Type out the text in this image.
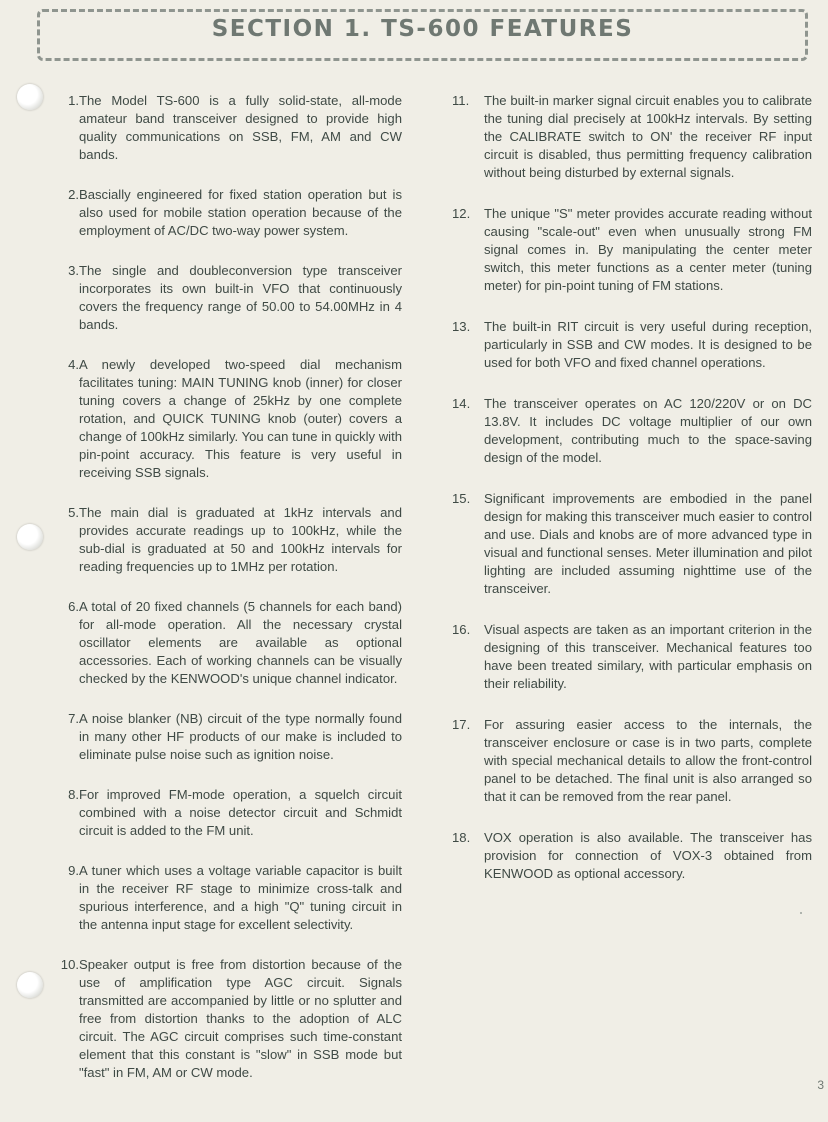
SECTION 1. TS-600 FEATURES
1. The Model TS-600 is a fully solid-state, all-mode amateur band transceiver designed to provide high quality communications on SSB, FM, AM and CW bands.
2. Bascially engineered for fixed station operation but is also used for mobile station operation because of the employment of AC/DC two-way power system.
3. The single and doubleconversion type transceiver incorporates its own built-in VFO that continuously covers the frequency range of 50.00 to 54.00MHz in 4 bands.
4. A newly developed two-speed dial mechanism facilitates tuning: MAIN TUNING knob (inner) for closer tuning covers a change of 25kHz by one complete rotation, and QUICK TUNING knob (outer) covers a change of 100kHz similarly. You can tune in quickly with pin-point accuracy. This feature is very useful in receiving SSB signals.
5. The main dial is graduated at 1kHz intervals and provides accurate readings up to 100kHz, while the sub-dial is graduated at 50 and 100kHz intervals for reading frequencies up to 1MHz per rotation.
6. A total of 20 fixed channels (5 channels for each band) for all-mode operation. All the necessary crystal oscillator elements are available as optional accessories. Each of working channels can be visually checked by the KENWOOD's unique channel indicator.
7. A noise blanker (NB) circuit of the type normally found in many other HF products of our make is included to eliminate pulse noise such as ignition noise.
8. For improved FM-mode operation, a squelch circuit combined with a noise detector circuit and Schmidt circuit is added to the FM unit.
9. A tuner which uses a voltage variable capacitor is built in the receiver RF stage to minimize cross-talk and spurious interference, and a high "Q" tuning circuit in the antenna input stage for excellent selectivity.
10. Speaker output is free from distortion because of the use of amplification type AGC circuit. Signals transmitted are accompanied by little or no splutter and free from distortion thanks to the adoption of ALC circuit. The AGC circuit comprises such time-constant element that this constant is "slow" in SSB mode but "fast" in FM, AM or CW mode.
11.	The built-in marker signal circuit enables you to calibrate the tuning dial precisely at 100kHz intervals. By setting the CALIBRATE switch to ON' the receiver RF input circuit is disabled, thus permitting frequency calibration without being disturbed by external signals.
12.	The unique "S" meter provides accurate reading without causing "scale-out" even when unusually strong FM signal comes in. By manipulating the center meter switch, this meter functions as a center meter (tuning meter) for pin-point tuning of FM stations.
13.	The built-in RIT circuit is very useful during reception, particularly in SSB and CW modes. It is designed to be used for both VFO and fixed channel operations.
14.	The transceiver operates on AC 120/220V or on DC 13.8V. It includes DC voltage multiplier of our own development, contributing much to the space-saving design of the model.
15.	Significant improvements are embodied in the panel design for making this transceiver much easier to control and use. Dials and knobs are of more advanced type in visual and functional senses. Meter illumination and pilot lighting are included assuming nighttime use of the transceiver.
16.	Visual aspects are taken as an important criterion in the designing of this transceiver. Mechanical features too have been treated similary, with particular emphasis on their reliability.
17.	For assuring easier access to the internals, the transceiver enclosure or case is in two parts, complete with special mechanical details to allow the front-control panel to be detached. The final unit is also arranged so that it can be removed from the rear panel.
18.	VOX operation is also available. The transceiver has provision for connection of VOX-3 obtained from KENWOOD as optional accessory.
3
